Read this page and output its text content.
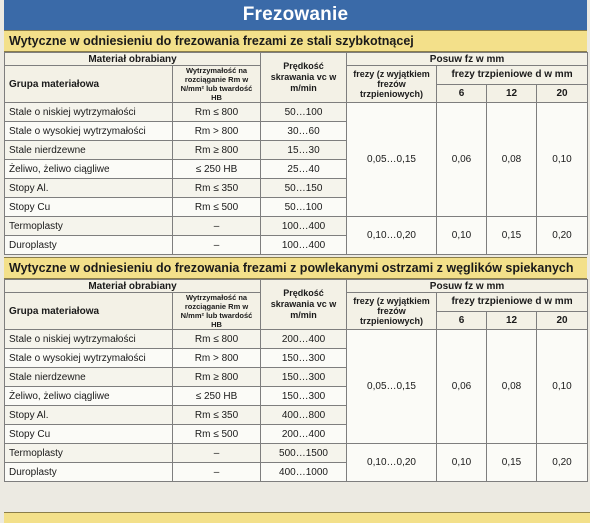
Frezowanie
Wytyczne w odniesieniu do frezowania frezami ze stali szybkotnącej
Materiał obrabiany		Prędkość skrawania vc w m/min	Posuw fz w mm			
Grupa materiałowa	Wytrzymałość na rozciąganie Rm w N/mm² lub twardość HB		frezy (z wyjątkiem frezów trzpieniowych)	frezy trzpieniowe d w mm		
				6	12	20
Stale o niskiej wytrzymałości	Rm ≤ 800	50…100	0,05…0,15	0,06	0,08	0,10
Stale o wysokiej wytrzymałości	Rm > 800	30…60				
Stale nierdzewne	Rm ≥ 800	15…30				
Żeliwo, żeliwo ciągliwe	≤ 250 HB	25…40				
Stopy Al.	Rm ≤ 350	50…150				
Stopy Cu	Rm ≤ 500	50…100				
Termoplasty	–	100…400	0,10…0,20	0,10	0,15	0,20
Duroplasty	–	100…400				
Wytyczne w odniesieniu do frezowania frezami z powlekanymi ostrzami z węglików spiekanych
Materiał obrabiany		Prędkość skrawania vc w m/min	Posuw fz w mm			
Grupa materiałowa	Wytrzymałość na rozciąganie Rm w N/mm² lub twardość HB		frezy (z wyjątkiem frezów trzpieniowych)	frezy trzpieniowe d w mm		
				6	12	20
Stale o niskiej wytrzymałości	Rm ≤ 800	200…400	0,05…0,15	0,06	0,08	0,10
Stale o wysokiej wytrzymałości	Rm > 800	150…300				
Stale nierdzewne	Rm ≥ 800	150…300				
Żeliwo, żeliwo ciągliwe	≤ 250 HB	150…300				
Stopy Al.	Rm ≤ 350	400…800				
Stopy Cu	Rm ≤ 500	200…400				
Termoplasty	–	500…1500	0,10…0,20	0,10	0,15	0,20
Duroplasty	–	400…1000				
